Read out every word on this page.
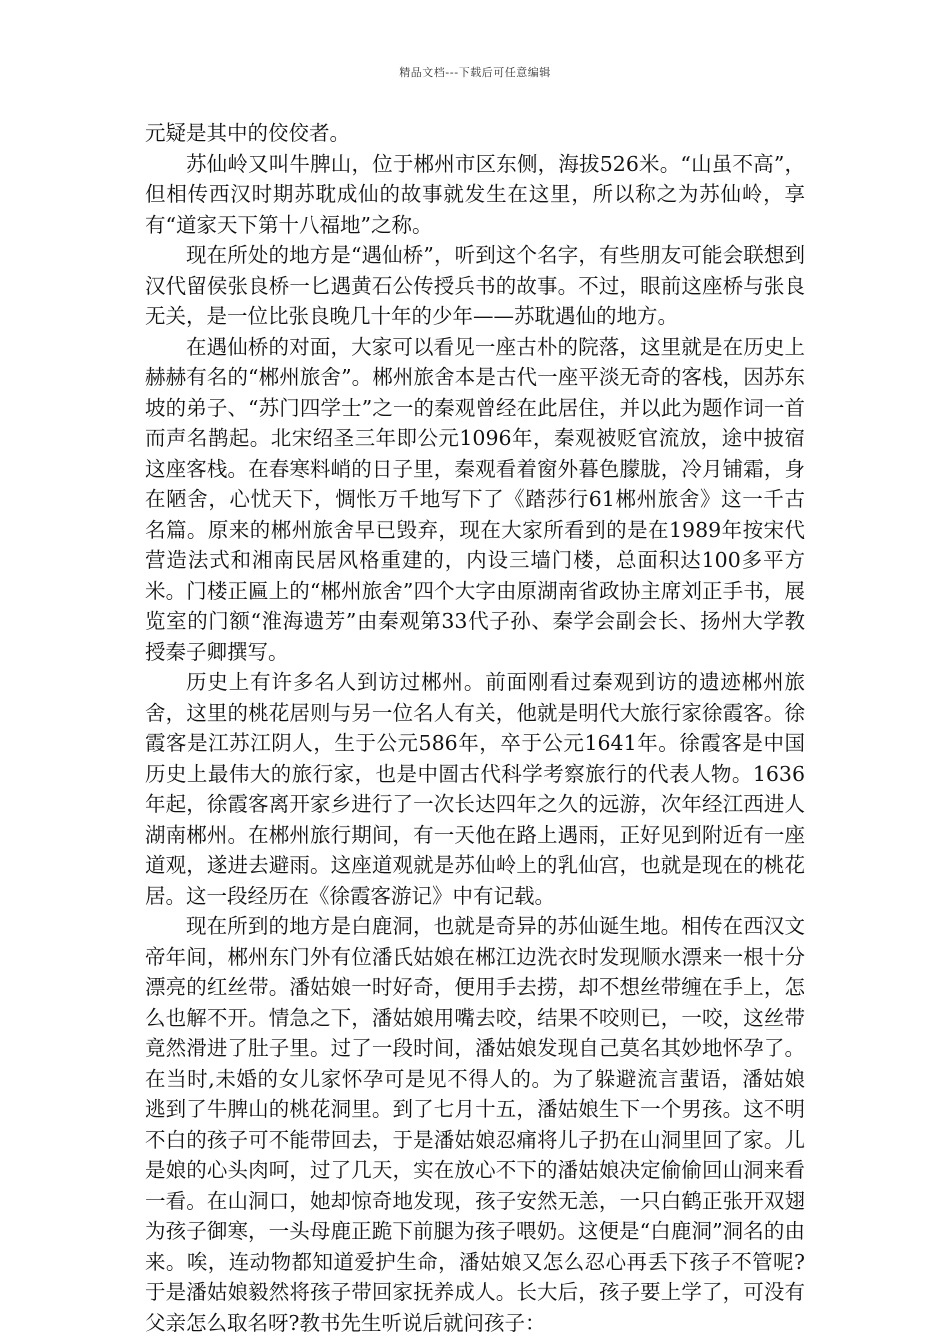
精品文档---下载后可任意编辑

元疑是其中的佼佼者。

苏仙岭又叫牛脾山，位于郴州市区东侧，海拔526米。“山虽不高”，但相传西汉时期苏耽成仙的故事就发生在这里，所以称之为苏仙岭，享有“道家天下第十八福地”之称。

现在所处的地方是“遇仙桥”，听到这个名字，有些朋友可能会联想到汉代留侯张良桥一匕遇黄石公传授兵书的故事。不过，眼前这座桥与张良无关，是一位比张良晚几十年的少年——苏耽遇仙的地方。

在遇仙桥的对面，大家可以看见一座古朴的院落，这里就是在历史上赫赫有名的“郴州旅舍”。郴州旅舍本是古代一座平淡无奇的客栈，因苏东坡的弟子、“苏门四学士”之一的秦观曾经在此居住，并以此为题作词一首而声名鹊起。北宋绍圣三年即公元1096年，秦观被贬官流放，途中披宿这座客栈。在春寒料峭的日子里，秦观看着窗外暮色朦胧，冷月铺霜，身在陋舍，心忧天下，惆怅万千地写下了《踏莎行61郴州旅舍》这一千古名篇。原来的郴州旅舍早已毁弃，现在大家所看到的是在1989年按宋代营造法式和湘南民居风格重建的，内设三墙门楼，总面积达100多平方米。门楼正匾上的“郴州旅舍”四个大字由原湖南省政协主席刘正手书，展览室的门额“淮海遗芳”由秦观第33代子孙、秦学会副会长、扬州大学教授秦子卿撰写。

历史上有许多名人到访过郴州。前面刚看过秦观到访的遗迹郴州旅舍，这里的桃花居则与另一位名人有关，他就是明代大旅行家徐霞客。徐霞客是江苏江阴人，生于公元586年，卒于公元1641年。徐霞客是中国历史上最伟大的旅行家，也是中圄古代科学考察旅行的代表人物。1636年起，徐霞客离开家乡进行了一次长达四年之久的远游，次年经江西进人湖南郴州。在郴州旅行期间，有一天他在路上遇雨，正好见到附近有一座道观，遂进去避雨。这座道观就是苏仙岭上的乳仙宫，也就是现在的桃花居。这一段经历在《徐霞客游记》中有记载。

现在所到的地方是白鹿洞，也就是奇异的苏仙诞生地。相传在西汉文帝年间，郴州东门外有位潘氏姑娘在郴江边洗衣时发现顺水漂来一根十分漂亮的红丝带。潘姑娘一时好奇，便用手去捞，却不想丝带缠在手上，怎么也解不开。情急之下，潘姑娘用嘴去咬，结果不咬则已，一咬，这丝带竟然滑进了肚子里。过了一段时间，潘姑娘发现自己莫名其妙地怀孕了。在当时,未婚的女儿家怀孕可是见不得人的。为了躲避流言蜚语，潘姑娘逃到了牛脾山的桃花洞里。到了七月十五，潘姑娘生下一个男孩。这不明不白的孩子可不能带回去，于是潘姑娘忍痛将儿子扔在山洞里回了家。儿是娘的心头肉呵，过了几天，实在放心不下的潘姑娘决定偷偷回山洞来看一看。在山洞口，她却惊奇地发现，孩子安然无恙，一只白鹤正张开双翅为孩子御寒，一头母鹿正跪下前腿为孩子喂奶。这便是“白鹿洞”洞名的由来。唉，连动物都知道爱护生命，潘姑娘又怎么忍心再丢下孩子不管呢?于是潘姑娘毅然将孩子带回家抚养成人。长大后，孩子要上学了，可没有父亲怎么取名呀?教书先生听说后就问孩子：
